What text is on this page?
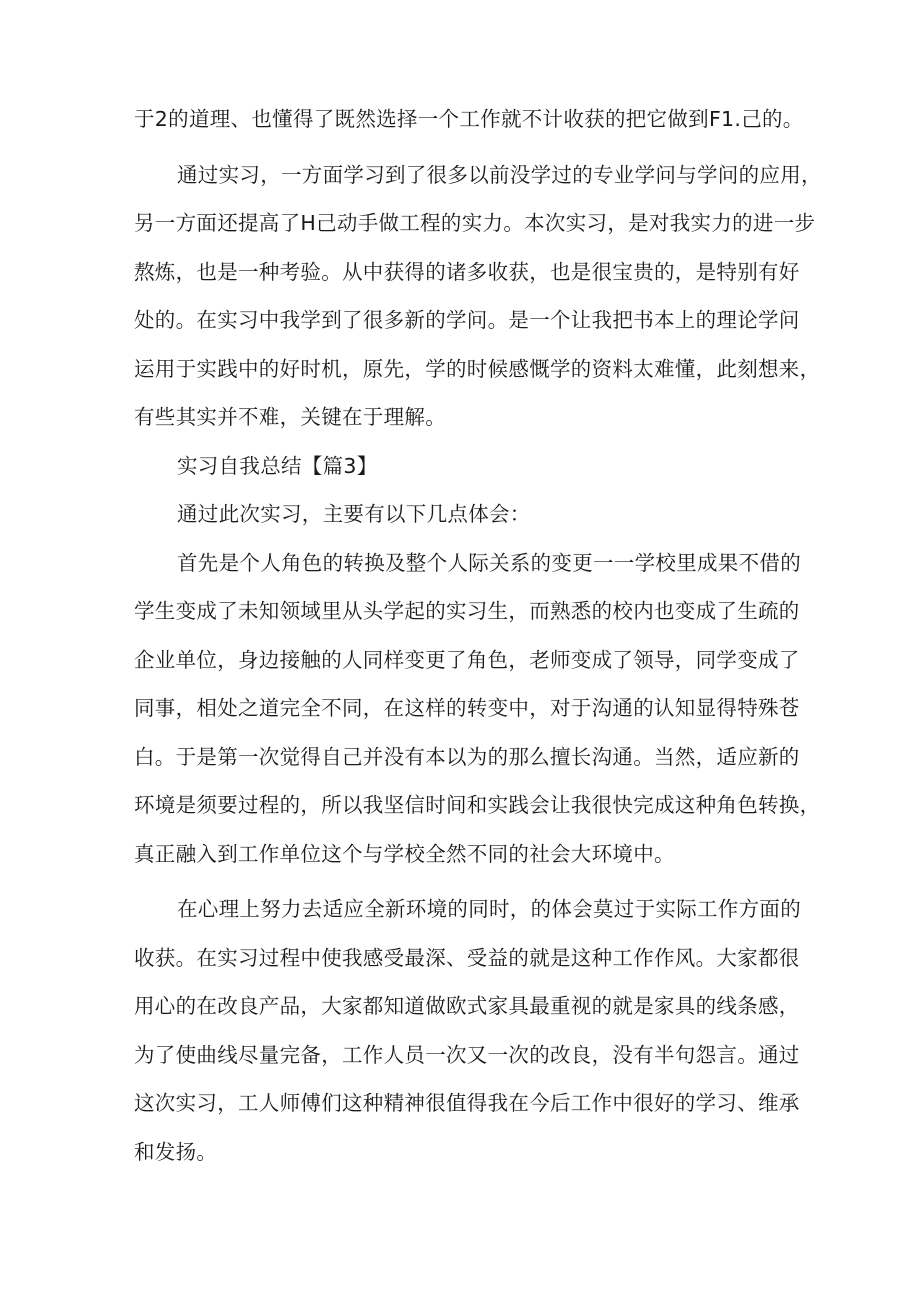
于2的道理、也懂得了既然选择一个工作就不计收获的把它做到F1.己的。
通过实习，一方面学习到了很多以前没学过的专业学问与学问的应用，
另一方面还提高了H己动手做工程的实力。本次实习，是对我实力的进一步
熬炼，也是一种考验。从中获得的诸多收获，也是很宝贵的，是特别有好
处的。在实习中我学到了很多新的学问。是一个让我把书本上的理论学问
运用于实践中的好时机，原先，学的时候感慨学的资料太难懂，此刻想来，
有些其实并不难，关键在于理解。
实习自我总结【篇3】
通过此次实习，主要有以下几点体会：
首先是个人角色的转换及整个人际关系的变更一一学校里成果不借的
学生变成了未知领域里从头学起的实习生，而熟悉的校内也变成了生疏的
企业单位，身边接触的人同样变更了角色，老师变成了领导，同学变成了
同事，相处之道完全不同，在这样的转变中，对于沟通的认知显得特殊苍
白。于是第一次觉得自己并没有本以为的那么擅长沟通。当然，适应新的
环境是须要过程的，所以我坚信时间和实践会让我很快完成这种角色转换，
真正融入到工作单位这个与学校全然不同的社会大环境中。
在心理上努力去适应全新环境的同时，的体会莫过于实际工作方面的
收获。在实习过程中使我感受最深、受益的就是这种工作作风。大家都很
用心的在改良产品，大家都知道做欧式家具最重视的就是家具的线条感，
为了使曲线尽量完备，工作人员一次又一次的改良，没有半句怨言。通过
这次实习，工人师傅们这种精神很值得我在今后工作中很好的学习、维承
和发扬。
